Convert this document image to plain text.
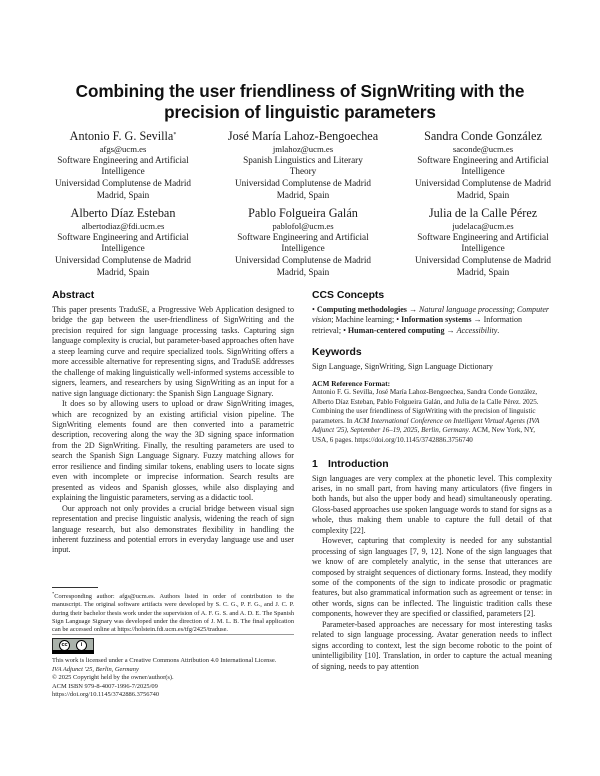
Combining the user friendliness of SignWriting with the
precision of linguistic parameters
Antonio F. G. Sevilla*
afgs@ucm.es
Software Engineering and Artificial
Intelligence
Universidad Complutense de Madrid
Madrid, Spain
José María Lahoz-Bengoechea
jmlahoz@ucm.es
Spanish Linguistics and Literary
Theory
Universidad Complutense de Madrid
Madrid, Spain
Sandra Conde González
saconde@ucm.es
Software Engineering and Artificial
Intelligence
Universidad Complutense de Madrid
Madrid, Spain
Alberto Díaz Esteban
albertodiaz@fdi.ucm.es
Software Engineering and Artificial
Intelligence
Universidad Complutense de Madrid
Madrid, Spain
Pablo Folgueira Galán
pablofol@ucm.es
Software Engineering and Artificial
Intelligence
Universidad Complutense de Madrid
Madrid, Spain
Julia de la Calle Pérez
judelaca@ucm.es
Software Engineering and Artificial
Intelligence
Universidad Complutense de Madrid
Madrid, Spain
Abstract

This paper presents TraduSE, a Progressive Web Application designed to bridge the gap between the user-friendliness of SignWriting and the precision required for sign language processing tasks. Capturing sign language complexity is crucial, but parameter-based approaches often have a steep learning curve and require specialized tools. SignWriting offers a more accessible alternative for representing signs, and TraduSE addresses the challenge of making linguistically well-informed systems accessible to signers, learners, and researchers by using SignWriting as an input for a native sign language dictionary: the Spanish Sign Language Signary.

It does so by allowing users to upload or draw SignWriting images, which are recognized by an existing artificial vision pipeline. The SignWriting elements found are then converted into a parametric description, recovering along the way the 3D signing space information from the 2D SignWriting. Finally, the resulting parameters are used to search the Spanish Sign Language Signary. Fuzzy matching allows for error resilience and finding similar tokens, enabling users to locate signs even with incomplete or imprecise information. Search results are presented as videos and Spanish glosses, while also displaying and explaining the linguistic parameters, serving as a didactic tool.

Our approach not only provides a crucial bridge between visual sign representation and precise linguistic analysis, widening the reach of sign language research, but also demonstrates flexibility in handling the inherent fuzziness and potential errors in everyday language use and user input.

*Corresponding author: afgs@ucm.es. Authors listed in order of contribution to the manuscript. The original software artifacts were developed by S. C. G., P. F. G., and J. C. P. during their bachelor thesis work under the supervision of A. F. G. S. and A. D. E. The Spanish Sign Language Signary was developed under the direction of J. M. L. B. The final application can be accessed online at https://holstein.fdi.ucm.es/tfg/2425/traduse.
cc	i
This work is licensed under a Creative Commons Attribution 4.0 International License.
IVA Adjunct '25, Berlin, Germany
© 2025 Copyright held by the owner/author(s).
ACM ISBN 979-8-4007-1996-7/2025/09
https://doi.org/10.1145/3742886.3756740
CCS Concepts

• Computing methodologies → Natural language processing; Computer vision; Machine learning; • Information systems → Information retrieval; • Human-centered computing → Accessibility.

Keywords

Sign Language, SignWriting, Sign Language Dictionary

ACM Reference Format:

Antonio F. G. Sevilla, José María Lahoz-Bengoechea, Sandra Conde González, Alberto Díaz Esteban, Pablo Folgueira Galán, and Julia de la Calle Pérez. 2025. Combining the user friendliness of SignWriting with the precision of linguistic parameters. In ACM International Conference on Intelligent Virtual Agents (IVA Adjunct '25), September 16–19, 2025, Berlin, Germany. ACM, New York, NY, USA, 6 pages. https://doi.org/10.1145/3742886.3756740

1 Introduction

Sign languages are very complex at the phonetic level. This complexity arises, in no small part, from having many articulators (five fingers in both hands, but also the upper body and head) simultaneously operating. Gloss-based approaches use spoken language words to stand for signs as a whole, thus making them unable to capture the full detail of that complexity [22].

However, capturing that complexity is needed for any substantial processing of sign languages [7, 9, 12]. None of the sign languages that we know of are completely analytic, in the sense that utterances are composed by straight sequences of dictionary forms. Instead, they modify some of the components of the sign to indicate prosodic or pragmatic features, but also grammatical information such as agreement or tense: in other words, signs can be inflected. The linguistic tradition calls these components, however they are specified or classified, parameters [2].

Parameter-based approaches are necessary for most interesting tasks related to sign language processing. Avatar generation needs to inflect signs according to context, lest the sign become robotic to the point of unintelligibility [10]. Translation, in order to capture the actual meaning of signing, needs to pay attention
